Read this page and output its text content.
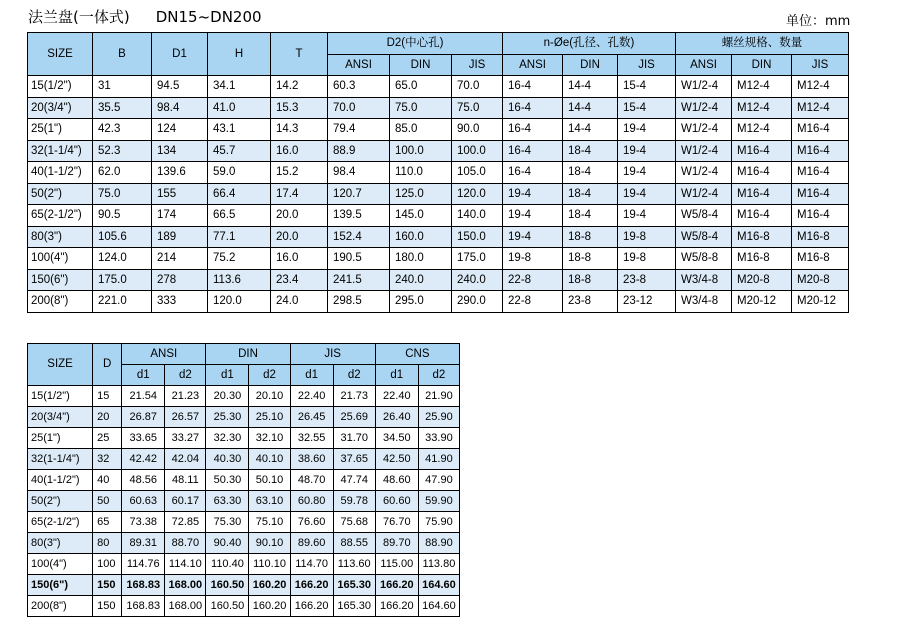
法兰盘(一体式) DN15~DN200	单位：mm
SIZE	B	D1	H	T	D2(中心孔)			n-Øe(孔径、孔数)			螺丝规格、数量		
					ANSI	DIN	JIS	ANSI	DIN	JIS	ANSI	DIN	JIS
15(1/2")	31	94.5	34.1	14.2	60.3	65.0	70.0	16-4	14-4	15-4	W1/2-4	M12-4	M12-4
20(3/4")	35.5	98.4	41.0	15.3	70.0	75.0	75.0	16-4	14-4	15-4	W1/2-4	M12-4	M12-4
25(1")	42.3	124	43.1	14.3	79.4	85.0	90.0	16-4	14-4	19-4	W1/2-4	M12-4	M16-4
32(1-1/4")	52.3	134	45.7	16.0	88.9	100.0	100.0	16-4	18-4	19-4	W1/2-4	M16-4	M16-4
40(1-1/2")	62.0	139.6	59.0	15.2	98.4	110.0	105.0	16-4	18-4	19-4	W1/2-4	M16-4	M16-4
50(2")	75.0	155	66.4	17.4	120.7	125.0	120.0	19-4	18-4	19-4	W1/2-4	M16-4	M16-4
65(2-1/2")	90.5	174	66.5	20.0	139.5	145.0	140.0	19-4	18-4	19-4	W5/8-4	M16-4	M16-4
80(3")	105.6	189	77.1	20.0	152.4	160.0	150.0	19-4	18-8	19-8	W5/8-4	M16-8	M16-8
100(4")	124.0	214	75.2	16.0	190.5	180.0	175.0	19-8	18-8	19-8	W5/8-8	M16-8	M16-8
150(6")	175.0	278	113.6	23.4	241.5	240.0	240.0	22-8	18-8	23-8	W3/4-8	M20-8	M20-8
200(8")	221.0	333	120.0	24.0	298.5	295.0	290.0	22-8	23-8	23-12	W3/4-8	M20-12	M20-12
SIZE	D	ANSI		DIN		JIS		CNS	
		d1	d2	d1	d2	d1	d2	d1	d2
15(1/2")	15	21.54	21.23	20.30	20.10	22.40	21.73	22.40	21.90
20(3/4")	20	26.87	26.57	25.30	25.10	26.45	25.69	26.40	25.90
25(1")	25	33.65	33.27	32.30	32.10	32.55	31.70	34.50	33.90
32(1-1/4")	32	42.42	42.04	40.30	40.10	38.60	37.65	42.50	41.90
40(1-1/2")	40	48.56	48.11	50.30	50.10	48.70	47.74	48.60	47.90
50(2")	50	60.63	60.17	63.30	63.10	60.80	59.78	60.60	59.90
65(2-1/2")	65	73.38	72.85	75.30	75.10	76.60	75.68	76.70	75.90
80(3")	80	89.31	88.70	90.40	90.10	89.60	88.55	89.70	88.90
100(4")	100	114.76	114.10	110.40	110.10	114.70	113.60	115.00	113.80
150(6")	150	168.83	168.00	160.50	160.20	166.20	165.30	166.20	164.60
200(8")	150	168.83	168.00	160.50	160.20	166.20	165.30	166.20	164.60
